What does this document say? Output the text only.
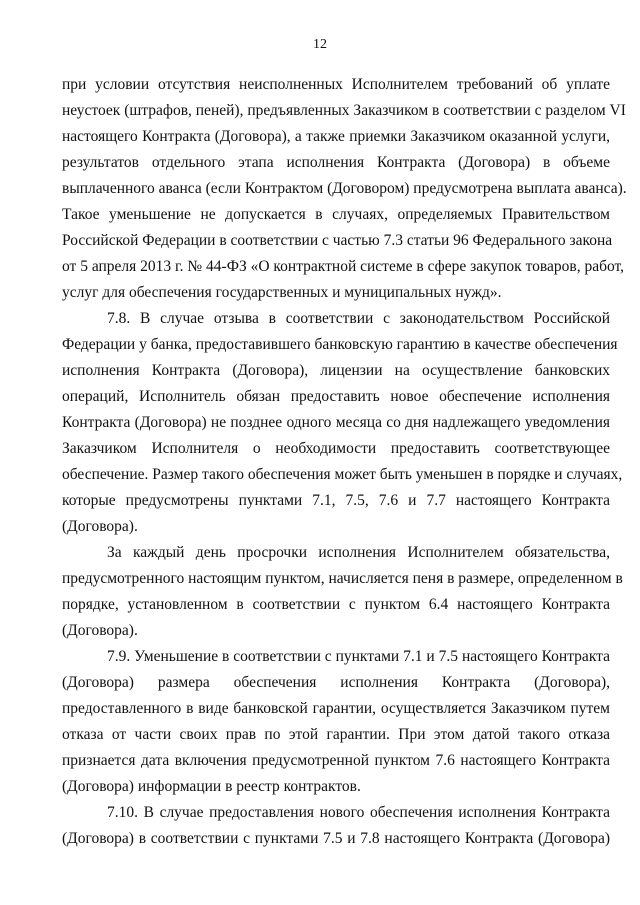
12
при условии отсутствия неисполненных Исполнителем требований об уплате
неустоек (штрафов, пеней), предъявленных Заказчиком в соответствии с разделом VI
настоящего Контракта (Договора), а также приемки Заказчиком оказанной услуги,
результатов отдельного этапа исполнения Контракта (Договора) в объеме
выплаченного аванса (если Контрактом (Договором) предусмотрена выплата аванса).
Такое уменьшение не допускается в случаях, определяемых Правительством
Российской Федерации в соответствии с частью 7.3 статьи 96 Федерального закона
от 5 апреля 2013 г. № 44-ФЗ «О контрактной системе в сфере закупок товаров, работ,
услуг для обеспечения государственных и муниципальных нужд».
7.8. В случае отзыва в соответствии с законодательством Российской
Федерации у банка, предоставившего банковскую гарантию в качестве обеспечения
исполнения Контракта (Договора), лицензии на осуществление банковских
операций, Исполнитель обязан предоставить новое обеспечение исполнения
Контракта (Договора) не позднее одного месяца со дня надлежащего уведомления
Заказчиком Исполнителя о необходимости предоставить соответствующее
обеспечение. Размер такого обеспечения может быть уменьшен в порядке и случаях,
которые предусмотрены пунктами 7.1, 7.5, 7.6 и 7.7 настоящего Контракта
(Договора).
За каждый день просрочки исполнения Исполнителем обязательства,
предусмотренного настоящим пунктом, начисляется пеня в размере, определенном в
порядке, установленном в соответствии с пунктом 6.4 настоящего Контракта
(Договора).
7.9. Уменьшение в соответствии с пунктами 7.1 и 7.5 настоящего Контракта
(Договора) размера обеспечения исполнения Контракта (Договора),
предоставленного в виде банковской гарантии, осуществляется Заказчиком путем
отказа от части своих прав по этой гарантии. При этом датой такого отказа
признается дата включения предусмотренной пунктом 7.6 настоящего Контракта
(Договора) информации в реестр контрактов.
7.10. В случае предоставления нового обеспечения исполнения Контракта
(Договора) в соответствии с пунктами 7.5 и 7.8 настоящего Контракта (Договора)
